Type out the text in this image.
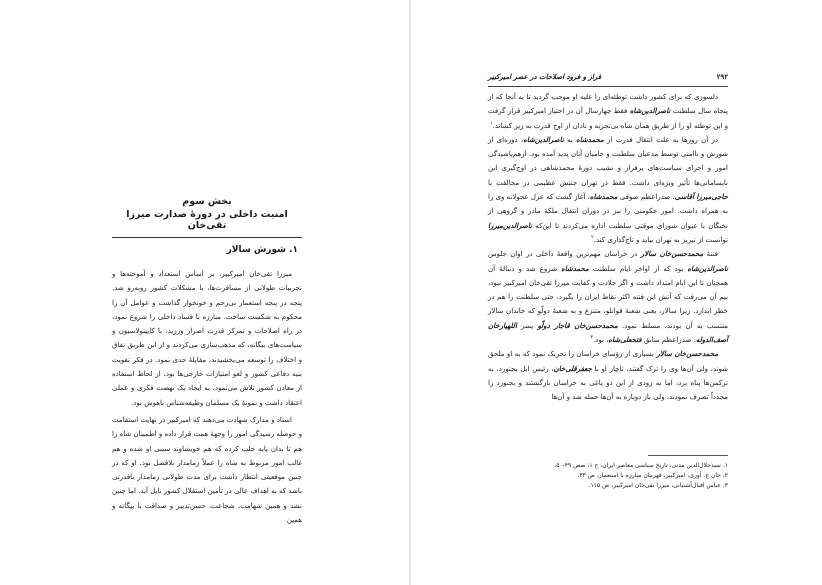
بخش سوم

امنیت داخلی در دورهٔ صدارت میرزا تقی‌خان

۱. شورش سالار

میرزا تقی‌خان امیرکبیر، بر اساس استعداد و آموخته‌ها و تجربیات طولانی از مسافرت‌ها، با مشکلات کشور روبه‌رو شد. پنجه در پنجه استعمار بی‌رحم و خونخوار گذاشت و عوامل آن را محکوم به شکست ساخت. مبارزه با فساد داخلی را شروع نمود، در راه اصلاحات و تمرکز قدرت اصرار ورزید، با کاپیتولاسیون و سیاست‌های بیگانه، که مذهب‌سازی می‌کردند و از این طریق نفاق و اختلاف را توسعه می‌بخشیدند، مقابلهٔ جدی نمود. در فکر تقویت بنیه دفاعی کشور و لغو امتیازات خارجی‌ها بود، از لحاظ استفاده از معادن کشور تلاش می‌نمود، به ایجاد یک نهضت فکری و عملی اعتقاد داشت و نمونهٔ یک مسلمان وظیفه‌شناس باهوش بود.

اسناد و مدارک شهادت می‌دهند که امیرکبیر در نهایت استقامت و حوصله رسیدگی امور را وجههٔ همت قرار داده و اطمینان شاه را هم تا بدان پایه جلب کرده که هم خویشاوند سببی او شده و هم غالب امور مربوط به شاه را عملاً زمامدار بلافصل بود. او که در چنین موقعیتی انتظار داشت برای مدت طولانی زمامدار باقدرتی باشد که به اهداف عالی در تأمین استقلال کشور نایل آید. اما چنین نشد و همین شهامت، شجاعت، حسن‌تدبیر و صداقت با بیگانه و همین

۲۹۲
فراز و فرود اصلاحات در عصر امیرکبیر

دلسوزی که برای کشور داشت توطئه‌ای را علیه او موجب گردید تا به آنجا که از پنجاه سال سلطنت ناصرالدین‌شاه فقط چهارسال آن در اختیار امیرکبیر قرار گرفت و این توطئه او را از طریق همان شاه بی‌تجربه و نادان از اوج قدرت به زیر کشاند.$^۱$

در آن روزها به علت انتقال قدرت از محمدشاه به ناصرالدین‌شاه، دوره‌ای از شورش و ناامنی توسط مدعیان سلطنت و حامیان آنان پدید آمده بود. ازهم‌پاشیدگی امور و اجرای سیاست‌های پرفراز و نشیب دورهٔ محمدشاهی در اوج‌گیری این نابسامانی‌ها تأثیر ویژه‌ای داشت. فقط در تهران جنبش عظیمی در مخالفت با حاجی‌میرزا آقاسی، صدراعظم صوفی محمدشاه، آغاز گشت که عزل عجولانه وی را به همراه داشت. امور حکومتی را نیز در دوران انتقال ملکهٔ مادر و گروهی از نخبگان با عنوان شورای موقتی سلطنت اداره می‌کردند تا این‌که ناصرالدین‌میرزا توانست از تبریز به تهران بیاید و تاج‌گذاری کند.$^۲$

فتنهٔ محمدحسن‌خان سالار در خراسان مهم‌ترین واقعهٔ داخلی در اوان جلوس ناصرالدین‌شاه بود که از اواخر ایام سلطنت محمدشاه شروع شد و دنبالهٔ آن همچنان تا این ایام امتداد داشت و اگر جلادت و کفایت میرزا تقی‌خان امیرکبیر نبود، بیم آن می‌رفت که آتش این فتنه اکثر نقاط ایران را بگیرد، حتی سلطنت را هم در خطر اندازد. زیرا سالار، یعنی شعبهٔ قوانلو، متنزع و به شعبهٔ دولّو که خاندان سالار منتسب به آن بودند، مسلط نمود. محمدحسن‌خان قاجار دولّو پسر اللهیارخان آصف‌الدوله، صدراعظم سابق فتحعلی‌شاه، بود.$^۳$

محمدحسن‌خان سالار بسیاری از رؤسای خراسان را تحریک نمود که به او ملحق شوند، ولی آن‌ها وی را ترک گفتند، تاچار او با جعفرقلی‌خان، رئیس ایل بجنورد، به ترکمن‌ها پناه برد، اما به زودی از این دو یاغی به خراسان بازگشتند و بجنورد را مجدداً تصرف نمودند، ولی باز دوباره به آن‌ها حمله شد و آن‌ها

۱. سیدجلال‌الدین مدنی، تاریخ سیاسی معاصر ایران، ج ۱، صص ۴۹-۵۰.
۲. خان ج. آوری، امیرکبیر، قهرمان مبارزه با استعمار، ص ۳۳.
۳. عباس اقبال‌آشتیانی، میرزا تقی‌خان امیرکبیر، ص ۱۱۵.
